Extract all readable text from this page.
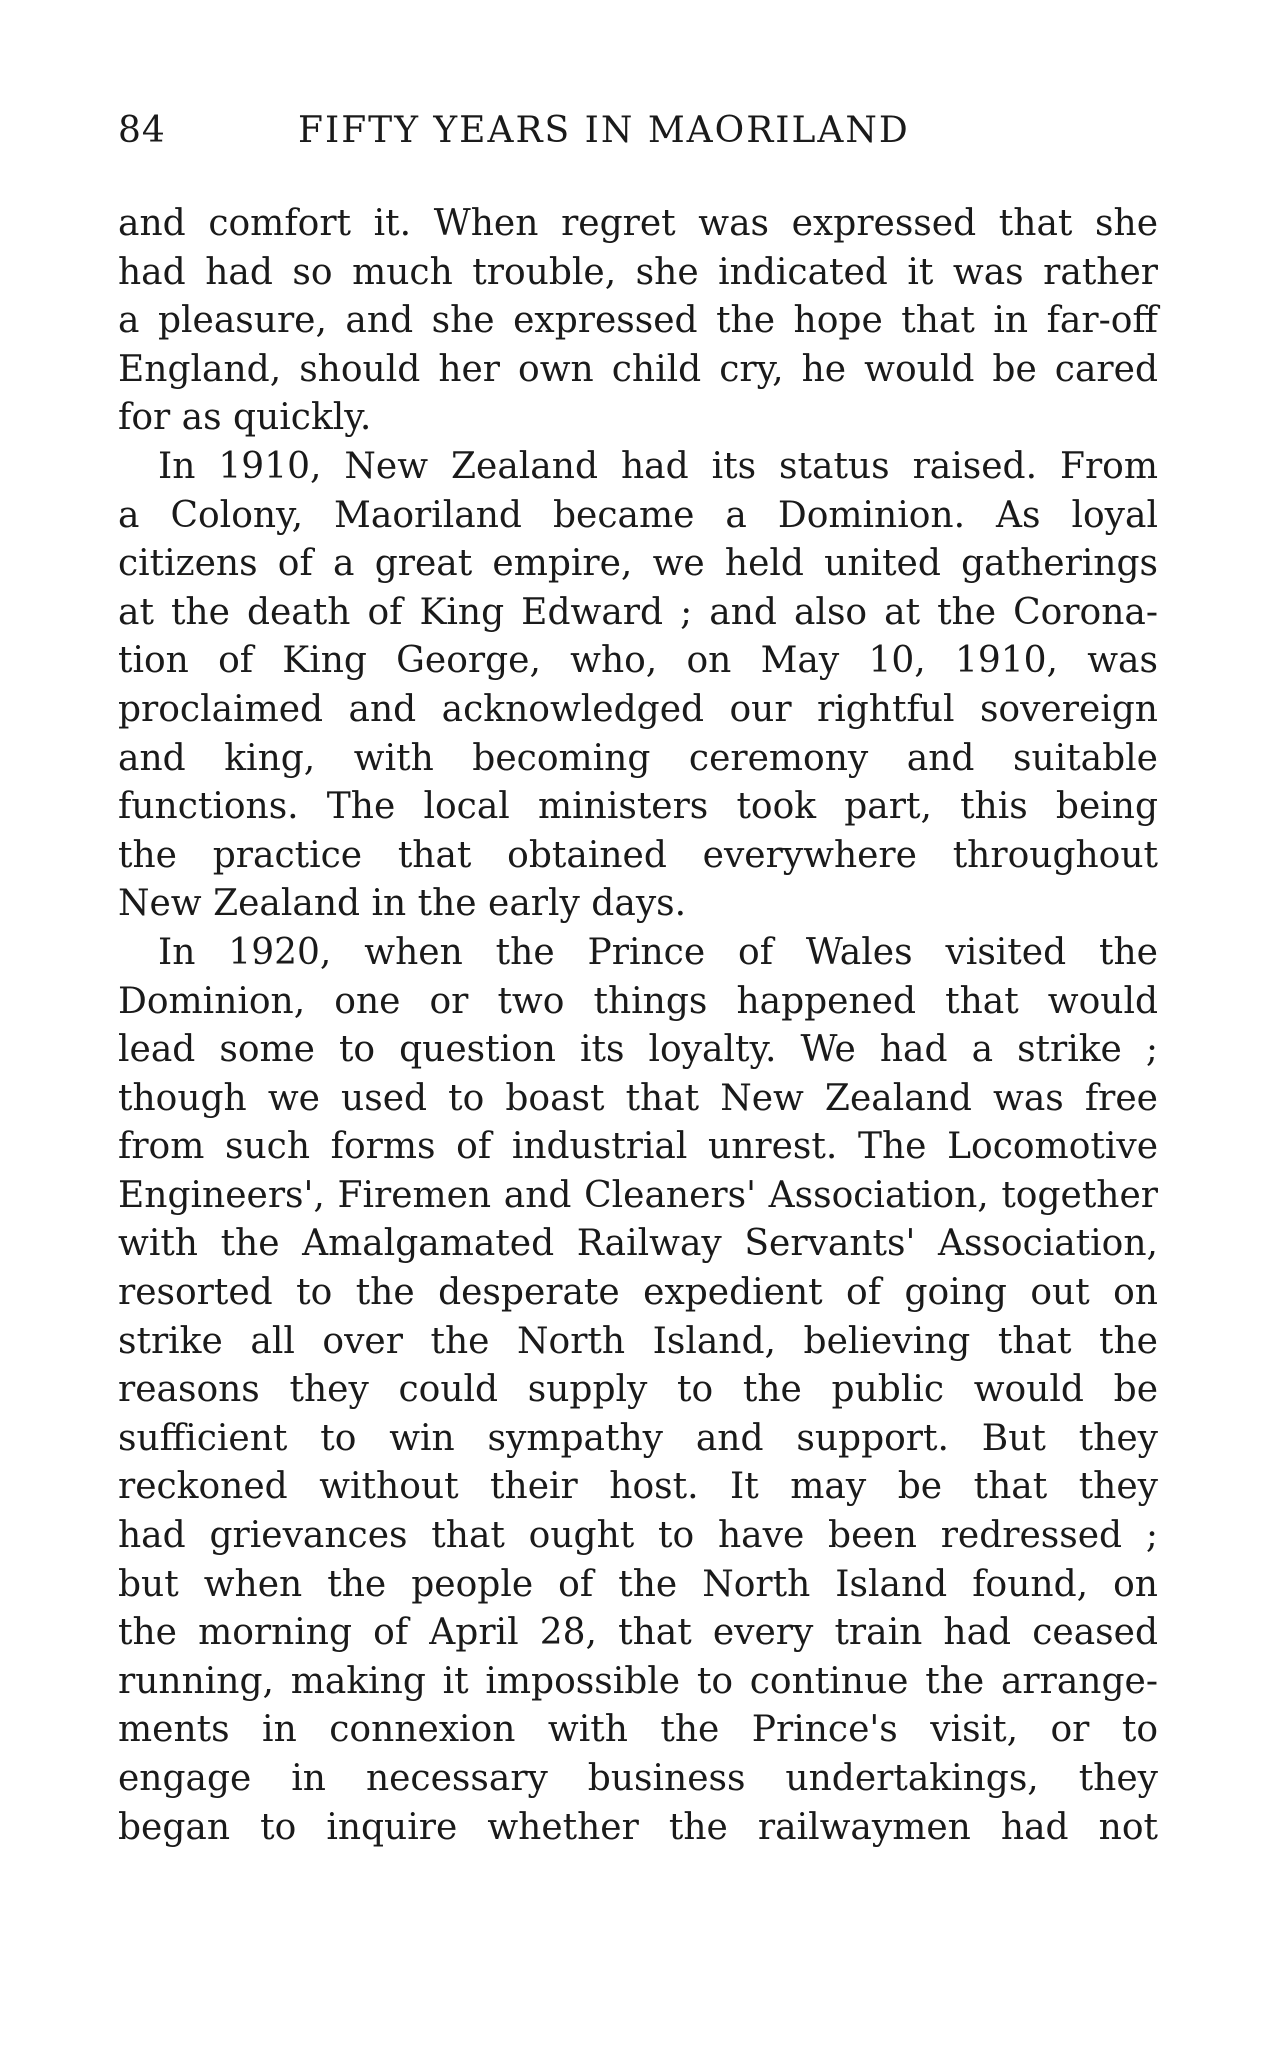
84	FIFTY YEARS IN MAORILAND
and comfort it. When regret was expressed that she
had had so much trouble, she indicated it was rather
a pleasure, and she expressed the hope that in far-off
England, should her own child cry, he would be cared
for as quickly.
In 1910, New Zealand had its status raised. From
a Colony, Maoriland became a Dominion. As loyal
citizens of a great empire, we held united gatherings
at the death of King Edward ; and also at the Corona-
tion of King George, who, on May 10, 1910, was
proclaimed and acknowledged our rightful sovereign
and king, with becoming ceremony and suitable
functions. The local ministers took part, this being
the practice that obtained everywhere throughout
New Zealand in the early days.
In 1920, when the Prince of Wales visited the
Dominion, one or two things happened that would
lead some to question its loyalty. We had a strike ;
though we used to boast that New Zealand was free
from such forms of industrial unrest. The Locomotive
Engineers', Firemen and Cleaners' Association, together
with the Amalgamated Railway Servants' Association,
resorted to the desperate expedient of going out on
strike all over the North Island, believing that the
reasons they could supply to the public would be
sufficient to win sympathy and support. But they
reckoned without their host. It may be that they
had grievances that ought to have been redressed ;
but when the people of the North Island found, on
the morning of April 28, that every train had ceased
running, making it impossible to continue the arrange-
ments in connexion with the Prince's visit, or to
engage in necessary business undertakings, they
began to inquire whether the railwaymen had not
